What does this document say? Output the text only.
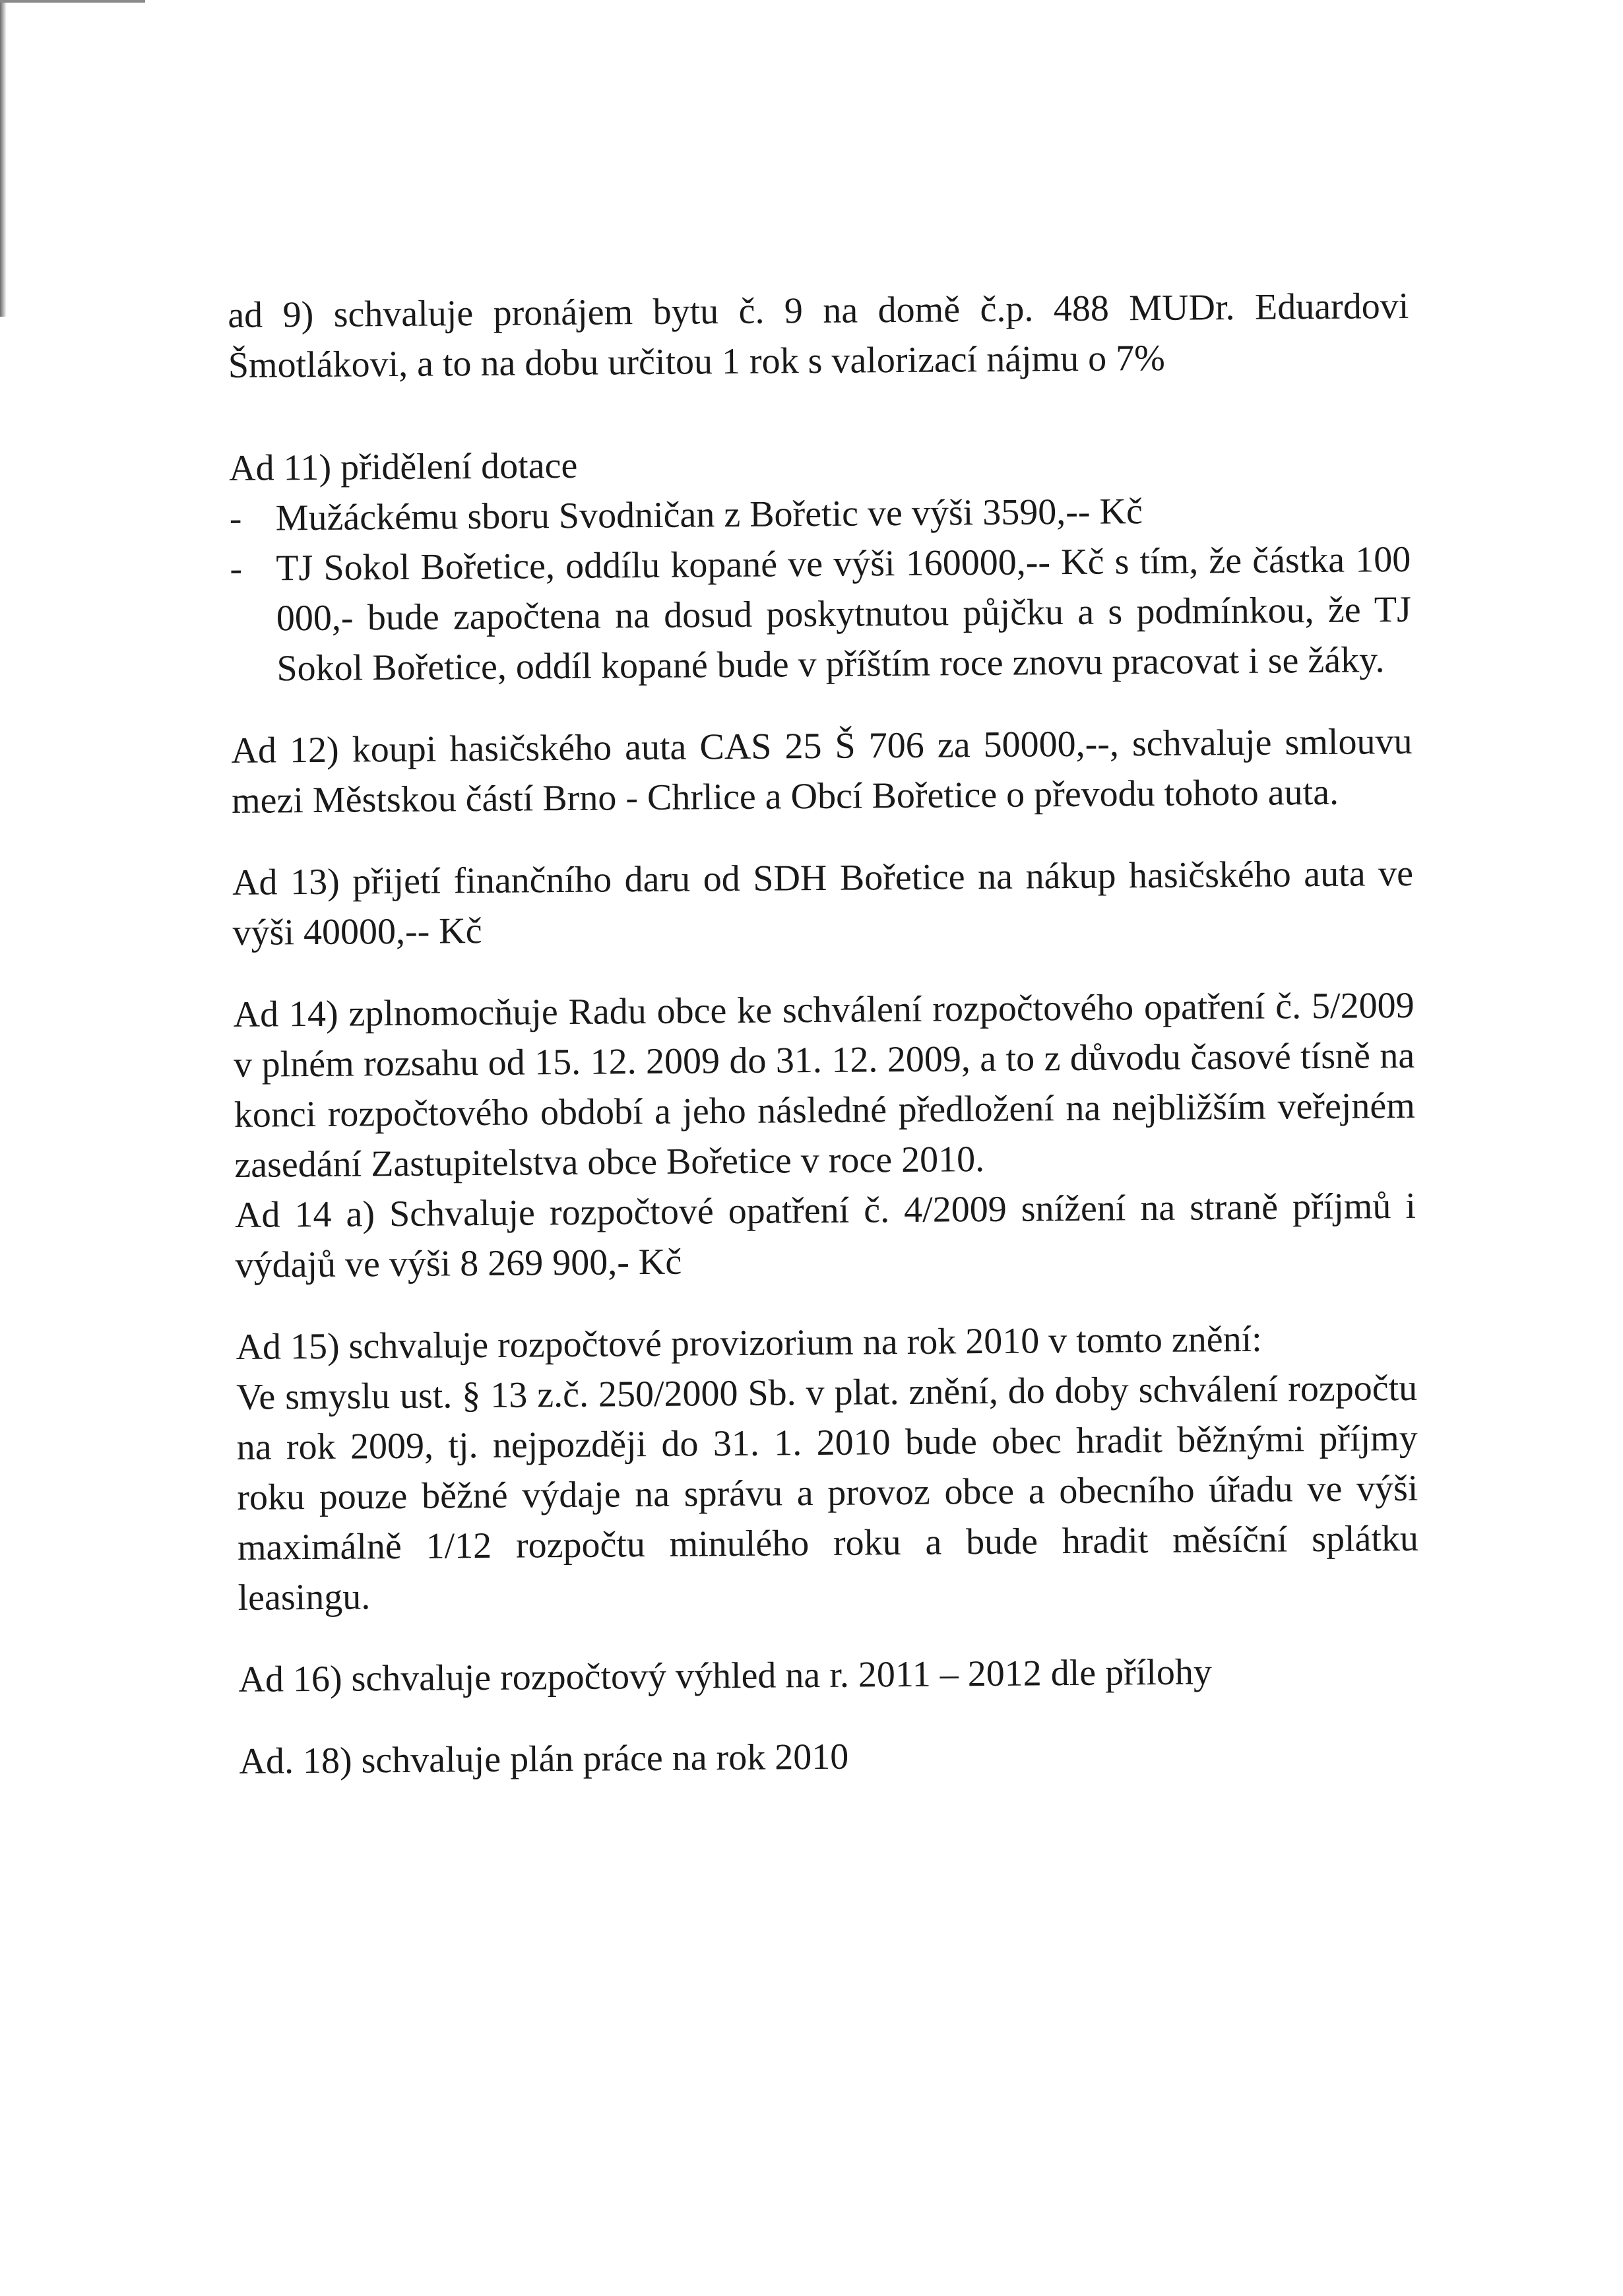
ad 9) schvaluje pronájem bytu č. 9 na domě č.p. 488 MUDr. Eduardovi Šmotlákovi, a to na dobu určitou 1 rok s valorizací nájmu o 7%

Ad 11) přidělení dotace

- Mužáckému sboru Svodničan z Bořetic ve výši 3590,-- Kč
- TJ Sokol Bořetice, oddílu kopané ve výši 160000,-- Kč s tím, že částka 100 000,- bude započtena na dosud poskytnutou půjčku a s podmínkou, že TJ Sokol Bořetice, oddíl kopané bude v příštím roce znovu pracovat i se žáky.

Ad 12) koupi hasičského auta CAS 25 Š 706 za 50000,--, schvaluje smlouvu mezi Městskou částí Brno - Chrlice a Obcí Bořetice o převodu tohoto auta.

Ad 13) přijetí finančního daru od SDH Bořetice na nákup hasičského auta ve výši 40000,-- Kč

Ad 14) zplnomocňuje Radu obce ke schválení rozpočtového opatření č. 5/2009 v plném rozsahu od 15. 12. 2009 do 31. 12. 2009, a to z důvodu časové tísně na konci rozpočtového období a jeho následné předložení na nejbližším veřejném zasedání Zastupitelstva obce Bořetice v roce 2010.

Ad 14 a) Schvaluje rozpočtové opatření č. 4/2009 snížení na straně příjmů i výdajů ve výši 8 269 900,- Kč

Ad 15) schvaluje rozpočtové provizorium na rok 2010 v tomto znění:

Ve smyslu ust. § 13 z.č. 250/2000 Sb. v plat. znění, do doby schválení rozpočtu na rok 2009, tj. nejpozději do 31. 1. 2010 bude obec hradit běžnými příjmy roku pouze běžné výdaje na správu a provoz obce a obecního úřadu ve výši maximálně 1/12 rozpočtu minulého roku a bude hradit měsíční splátku leasingu.

Ad 16) schvaluje rozpočtový výhled na r. 2011 – 2012 dle přílohy

Ad. 18) schvaluje plán práce na rok 2010
